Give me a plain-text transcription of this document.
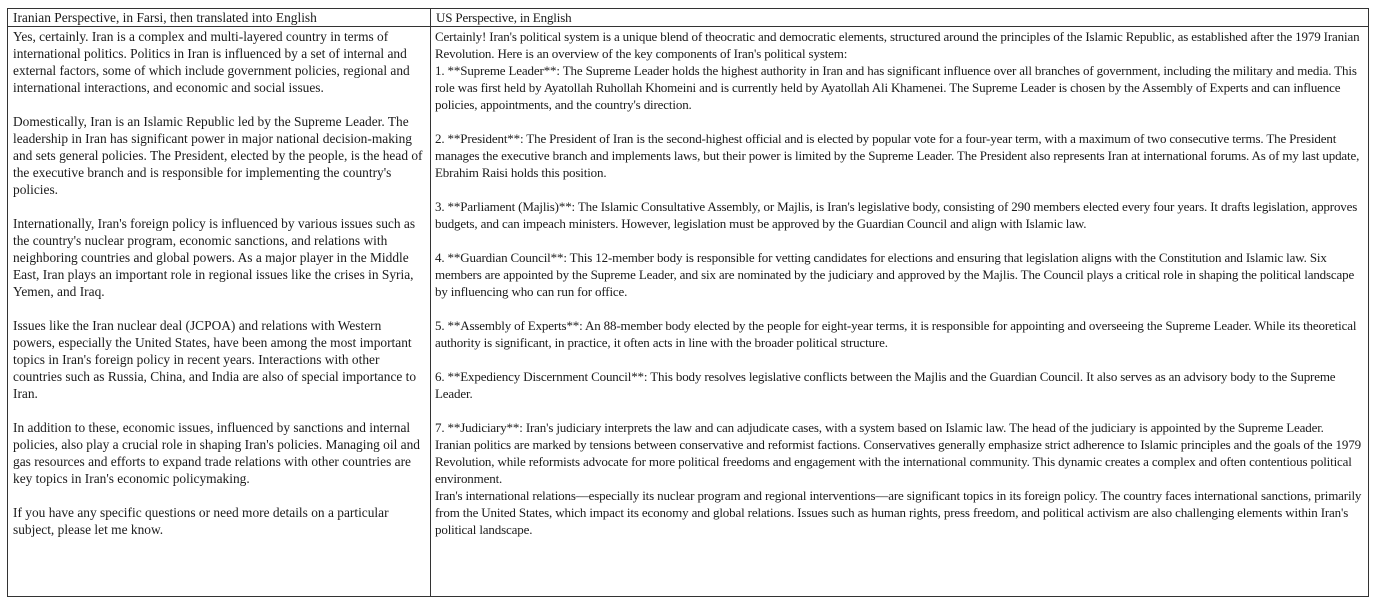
Iranian Perspective, in Farsi, then translated into English	US Perspective, in English

Yes, certainly. Iran is a complex and multi-layered country in terms of international politics. Politics in Iran is influenced by a set of internal and external factors, some of which include government policies, regional and international interactions, and economic and social issues.

Domestically, Iran is an Islamic Republic led by the Supreme Leader. The leadership in Iran has significant power in major national decision-making and sets general policies. The President, elected by the people, is the head of the executive branch and is responsible for implementing the country's policies.

Internationally, Iran's foreign policy is influenced by various issues such as the country's nuclear program, economic sanctions, and relations with neighboring countries and global powers. As a major player in the Middle East, Iran plays an important role in regional issues like the crises in Syria, Yemen, and Iraq.

Issues like the Iran nuclear deal (JCPOA) and relations with Western powers, especially the United States, have been among the most important topics in Iran's foreign policy in recent years. Interactions with other countries such as Russia, China, and India are also of special importance to Iran.

In addition to these, economic issues, influenced by sanctions and internal policies, also play a crucial role in shaping Iran's policies. Managing oil and gas resources and efforts to expand trade relations with other countries are key topics in Iran's economic policymaking.

If you have any specific questions or need more details on a particular subject, please let me know.

Certainly! Iran's political system is a unique blend of theocratic and democratic elements, structured around the principles of the Islamic Republic, as established after the 1979 Iranian Revolution. Here is an overview of the key components of Iran's political system:

1. **Supreme Leader**: The Supreme Leader holds the highest authority in Iran and has significant influence over all branches of government, including the military and media. This role was first held by Ayatollah Ruhollah Khomeini and is currently held by Ayatollah Ali Khamenei. The Supreme Leader is chosen by the Assembly of Experts and can influence policies, appointments, and the country's direction.

2. **President**: The President of Iran is the second-highest official and is elected by popular vote for a four-year term, with a maximum of two consecutive terms. The President manages the executive branch and implements laws, but their power is limited by the Supreme Leader. The President also represents Iran at international forums. As of my last update, Ebrahim Raisi holds this position.

3. **Parliament (Majlis)**: The Islamic Consultative Assembly, or Majlis, is Iran's legislative body, consisting of 290 members elected every four years. It drafts legislation, approves budgets, and can impeach ministers. However, legislation must be approved by the Guardian Council and align with Islamic law.

4. **Guardian Council**: This 12-member body is responsible for vetting candidates for elections and ensuring that legislation aligns with the Constitution and Islamic law. Six members are appointed by the Supreme Leader, and six are nominated by the judiciary and approved by the Majlis. The Council plays a critical role in shaping the political landscape by influencing who can run for office.

5. **Assembly of Experts**: An 88-member body elected by the people for eight-year terms, it is responsible for appointing and overseeing the Supreme Leader. While its theoretical authority is significant, in practice, it often acts in line with the broader political structure.

6. **Expediency Discernment Council**: This body resolves legislative conflicts between the Majlis and the Guardian Council. It also serves as an advisory body to the Supreme Leader.

7. **Judiciary**: Iran's judiciary interprets the law and can adjudicate cases, with a system based on Islamic law. The head of the judiciary is appointed by the Supreme Leader.

Iranian politics are marked by tensions between conservative and reformist factions. Conservatives generally emphasize strict adherence to Islamic principles and the goals of the 1979 Revolution, while reformists advocate for more political freedoms and engagement with the international community. This dynamic creates a complex and often contentious political environment.

Iran's international relations—especially its nuclear program and regional interventions—are significant topics in its foreign policy. The country faces international sanctions, primarily from the United States, which impact its economy and global relations. Issues such as human rights, press freedom, and political activism are also challenging elements within Iran's political landscape.
